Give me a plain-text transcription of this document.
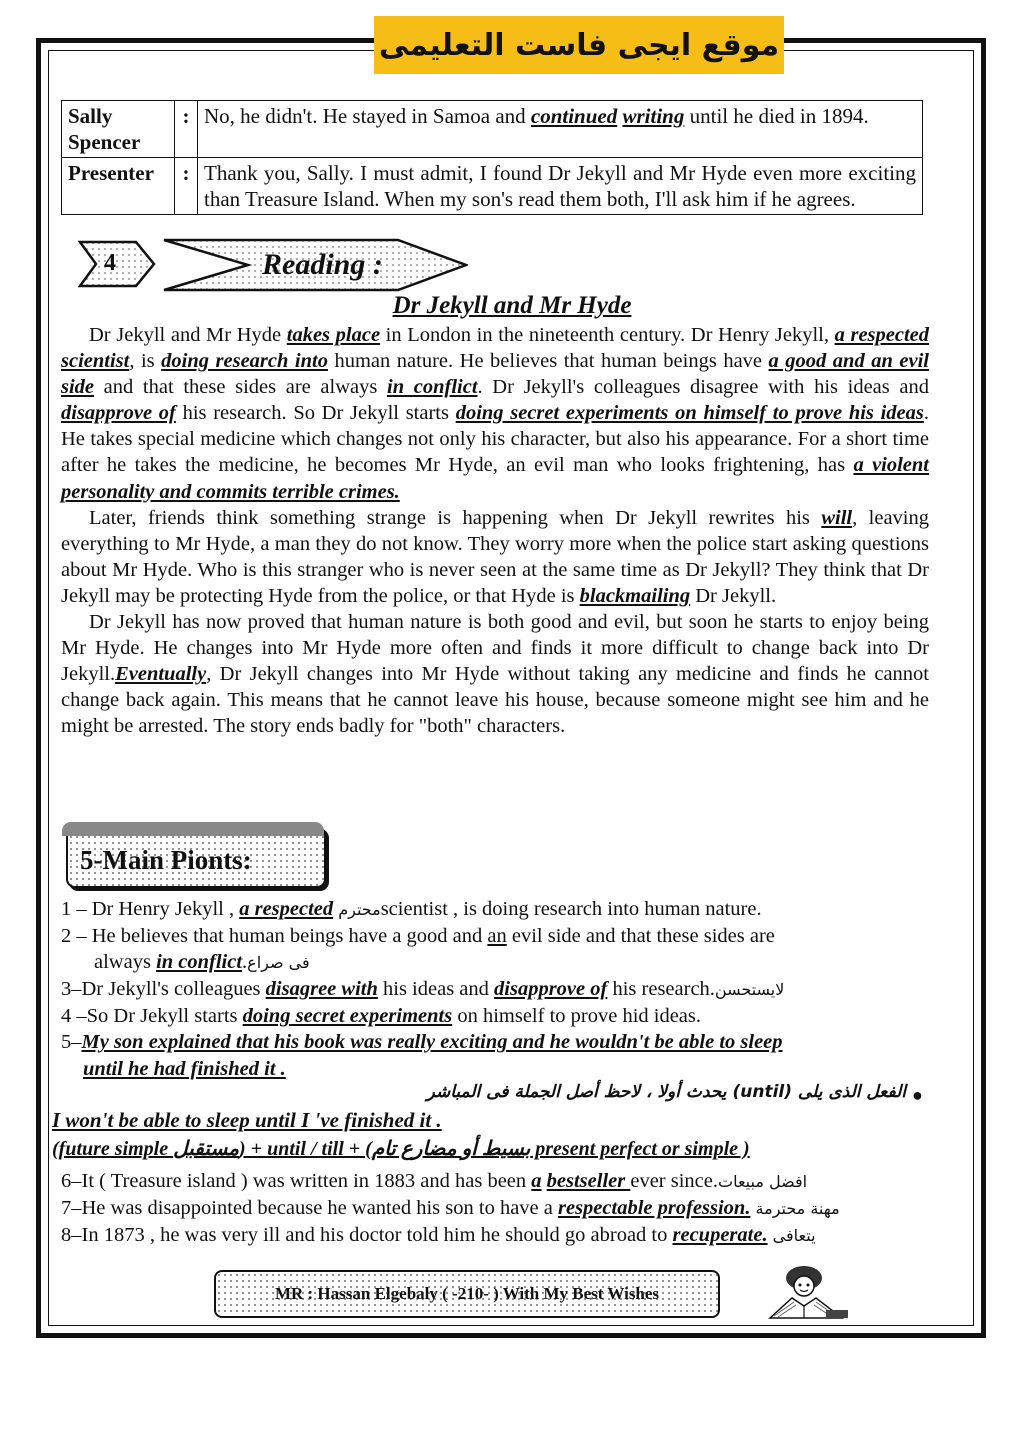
موقع ايجى فاست التعليمى
Sally Spencer	:	No, he didn't. He stayed in Samoa and continued writing until he died in 1894.
Presenter	:	Thank you, Sally. I must admit, I found Dr Jekyll and Mr Hyde even more exciting than Treasure Island. When my son's read them both, I'll ask him if he agrees.
4	Reading :
Dr Jekyll and Mr Hyde

Dr Jekyll and Mr Hyde takes place in London in the nineteenth century. Dr Henry Jekyll, a respected scientist, is doing research into human nature. He believes that human beings have a good and an evil side and that these sides are always in conflict. Dr Jekyll's colleagues disagree with his ideas and disapprove of his research. So Dr Jekyll starts doing secret experiments on himself to prove his ideas. He takes special medicine which changes not only his character, but also his appearance. For a short time after he takes the medicine, he becomes Mr Hyde, an evil man who looks frightening, has a violent personality and commits terrible crimes.

Later, friends think something strange is happening when Dr Jekyll rewrites his will, leaving everything to Mr Hyde, a man they do not know. They worry more when the police start asking questions about Mr Hyde. Who is this stranger who is never seen at the same time as Dr Jekyll? They think that Dr Jekyll may be protecting Hyde from the police, or that Hyde is blackmailing Dr Jekyll.

Dr Jekyll has now proved that human nature is both good and evil, but soon he starts to enjoy being Mr Hyde. He changes into Mr Hyde more often and finds it more difficult to change back into Dr Jekyll.Eventually, Dr Jekyll changes into Mr Hyde without taking any medicine and finds he cannot change back again. This means that he cannot leave his house, because someone might see him and he might be arrested. The story ends badly for "both" characters.

5-Main Pionts:
1 – Dr Henry Jekyll , a respected محترمscientist , is doing research into human nature.
2 – He believes that human beings have a good and an evil side and that these sides are
always in conflict.فى صراع
3–Dr Jekyll's colleagues disagree with his ideas and disapprove of his research.لايستحسن
4 –So Dr Jekyll starts doing secret experiments on himself to prove hid ideas.
5–My son explained that his book was really exciting and he wouldn't be able to sleep
until he had finished it .
●
الفعل الذى يلى (until) يحدث أولا ، لاحظ أصل الجملة فى المباشر
I won't be able to sleep until I 've finished it .
(future simple مستقبل) + until / till + (بسيط أو مضارع تام present perfect or simple )
6–It ( Treasure island ) was written in 1883 and has been a bestseller ever since.افضل مبيعات
7–He was disappointed because he wanted his son to have a respectable profession. مهنة محترمة
8–In 1873 , he was very ill and his doctor told him he should go abroad to recuperate. يتعافى
MR : Hassan Elgebaly ( -210- ) With My Best Wishes
